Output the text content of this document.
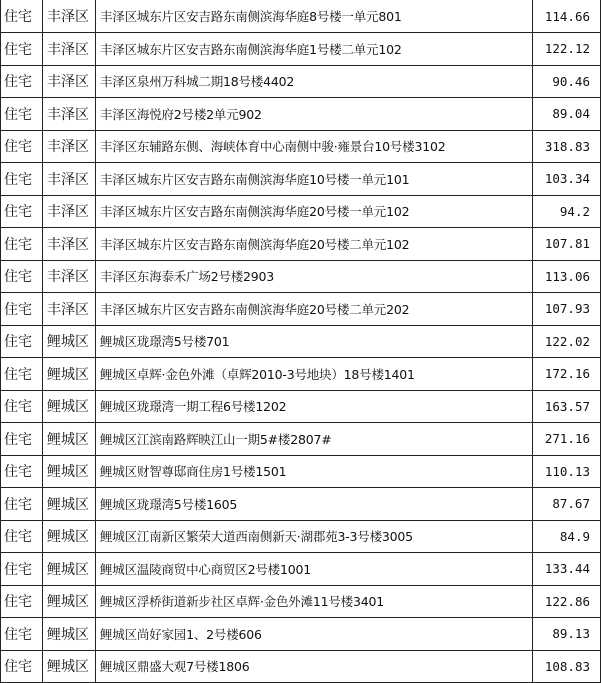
住宅	丰泽区	丰泽区城东片区安吉路东南侧滨海华庭8号楼一单元801	114.66
住宅	丰泽区	丰泽区城东片区安吉路东南侧滨海华庭1号楼二单元102	122.12
住宅	丰泽区	丰泽区泉州万科城二期18号楼4402	90.46
住宅	丰泽区	丰泽区海悦府2号楼2单元902	89.04
住宅	丰泽区	丰泽区东辅路东侧、海峡体育中心南侧中骏·雍景台10号楼3102	318.83
住宅	丰泽区	丰泽区城东片区安吉路东南侧滨海华庭10号楼一单元101	103.34
住宅	丰泽区	丰泽区城东片区安吉路东南侧滨海华庭20号楼一单元102	94.2
住宅	丰泽区	丰泽区城东片区安吉路东南侧滨海华庭20号楼二单元102	107.81
住宅	丰泽区	丰泽区东海泰禾广场2号楼2903	113.06
住宅	丰泽区	丰泽区城东片区安吉路东南侧滨海华庭20号楼二单元202	107.93
住宅	鲤城区	鲤城区珑璟湾5号楼701	122.02
住宅	鲤城区	鲤城区卓辉·金色外滩（卓辉2010-3号地块）18号楼1401	172.16
住宅	鲤城区	鲤城区珑璟湾一期工程6号楼1202	163.57
住宅	鲤城区	鲤城区江滨南路辉映江山一期5#楼2807#	271.16
住宅	鲤城区	鲤城区财智尊邸商住房1号楼1501	110.13
住宅	鲤城区	鲤城区珑璟湾5号楼1605	87.67
住宅	鲤城区	鲤城区江南新区繁荣大道西南侧新天·湖郡苑3-3号楼3005	84.9
住宅	鲤城区	鲤城区温陵商贸中心商贸区2号楼1001	133.44
住宅	鲤城区	鲤城区浮桥街道新步社区卓辉·金色外滩11号楼3401	122.86
住宅	鲤城区	鲤城区尚好家园1、2号楼606	89.13
住宅	鲤城区	鲤城区鼎盛大观7号楼1806	108.83
